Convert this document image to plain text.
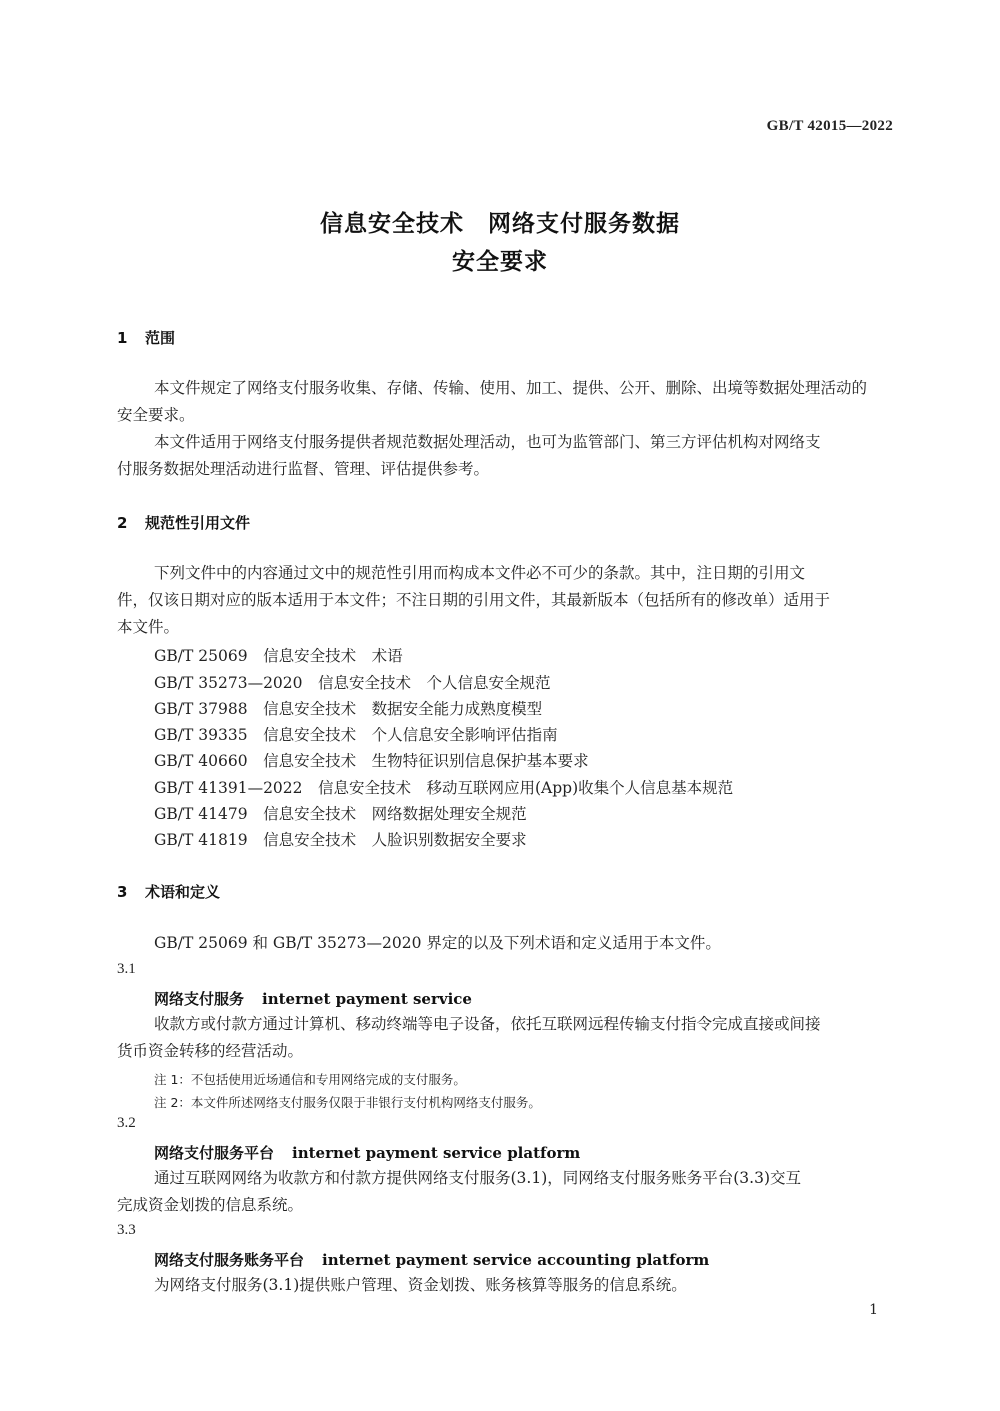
GB/T 42015—2022
信息安全技术　网络支付服务数据
安全要求
1 范围
本文件规定了网络支付服务收集、存储、传输、使用、加工、提供、公开、删除、出境等数据处理活动的
安全要求。
本文件适用于网络支付服务提供者规范数据处理活动，也可为监管部门、第三方评估机构对网络支
付服务数据处理活动进行监督、管理、评估提供参考。
2 规范性引用文件
下列文件中的内容通过文中的规范性引用而构成本文件必不可少的条款。其中，注日期的引用文
件，仅该日期对应的版本适用于本文件；不注日期的引用文件，其最新版本（包括所有的修改单）适用于
本文件。
GB/T 25069　信息安全技术　术语
GB/T 35273—2020　信息安全技术　个人信息安全规范
GB/T 37988　信息安全技术　数据安全能力成熟度模型
GB/T 39335　信息安全技术　个人信息安全影响评估指南
GB/T 40660　信息安全技术　生物特征识别信息保护基本要求
GB/T 41391—2022　信息安全技术　移动互联网应用(App)收集个人信息基本规范
GB/T 41479　信息安全技术　网络数据处理安全规范
GB/T 41819　信息安全技术　人脸识别数据安全要求
3 术语和定义
GB/T 25069 和 GB/T 35273—2020 界定的以及下列术语和定义适用于本文件。
3.1
网络支付服务 internet payment service
收款方或付款方通过计算机、移动终端等电子设备，依托互联网远程传输支付指令完成直接或间接
货币资金转移的经营活动。
注 1：不包括使用近场通信和专用网络完成的支付服务。
注 2：本文件所述网络支付服务仅限于非银行支付机构网络支付服务。
3.2
网络支付服务平台 internet payment service platform
通过互联网网络为收款方和付款方提供网络支付服务(3.1)，同网络支付服务账务平台(3.3)交互
完成资金划拨的信息系统。
3.3
网络支付服务账务平台 internet payment service accounting platform
为网络支付服务(3.1)提供账户管理、资金划拨、账务核算等服务的信息系统。
1
